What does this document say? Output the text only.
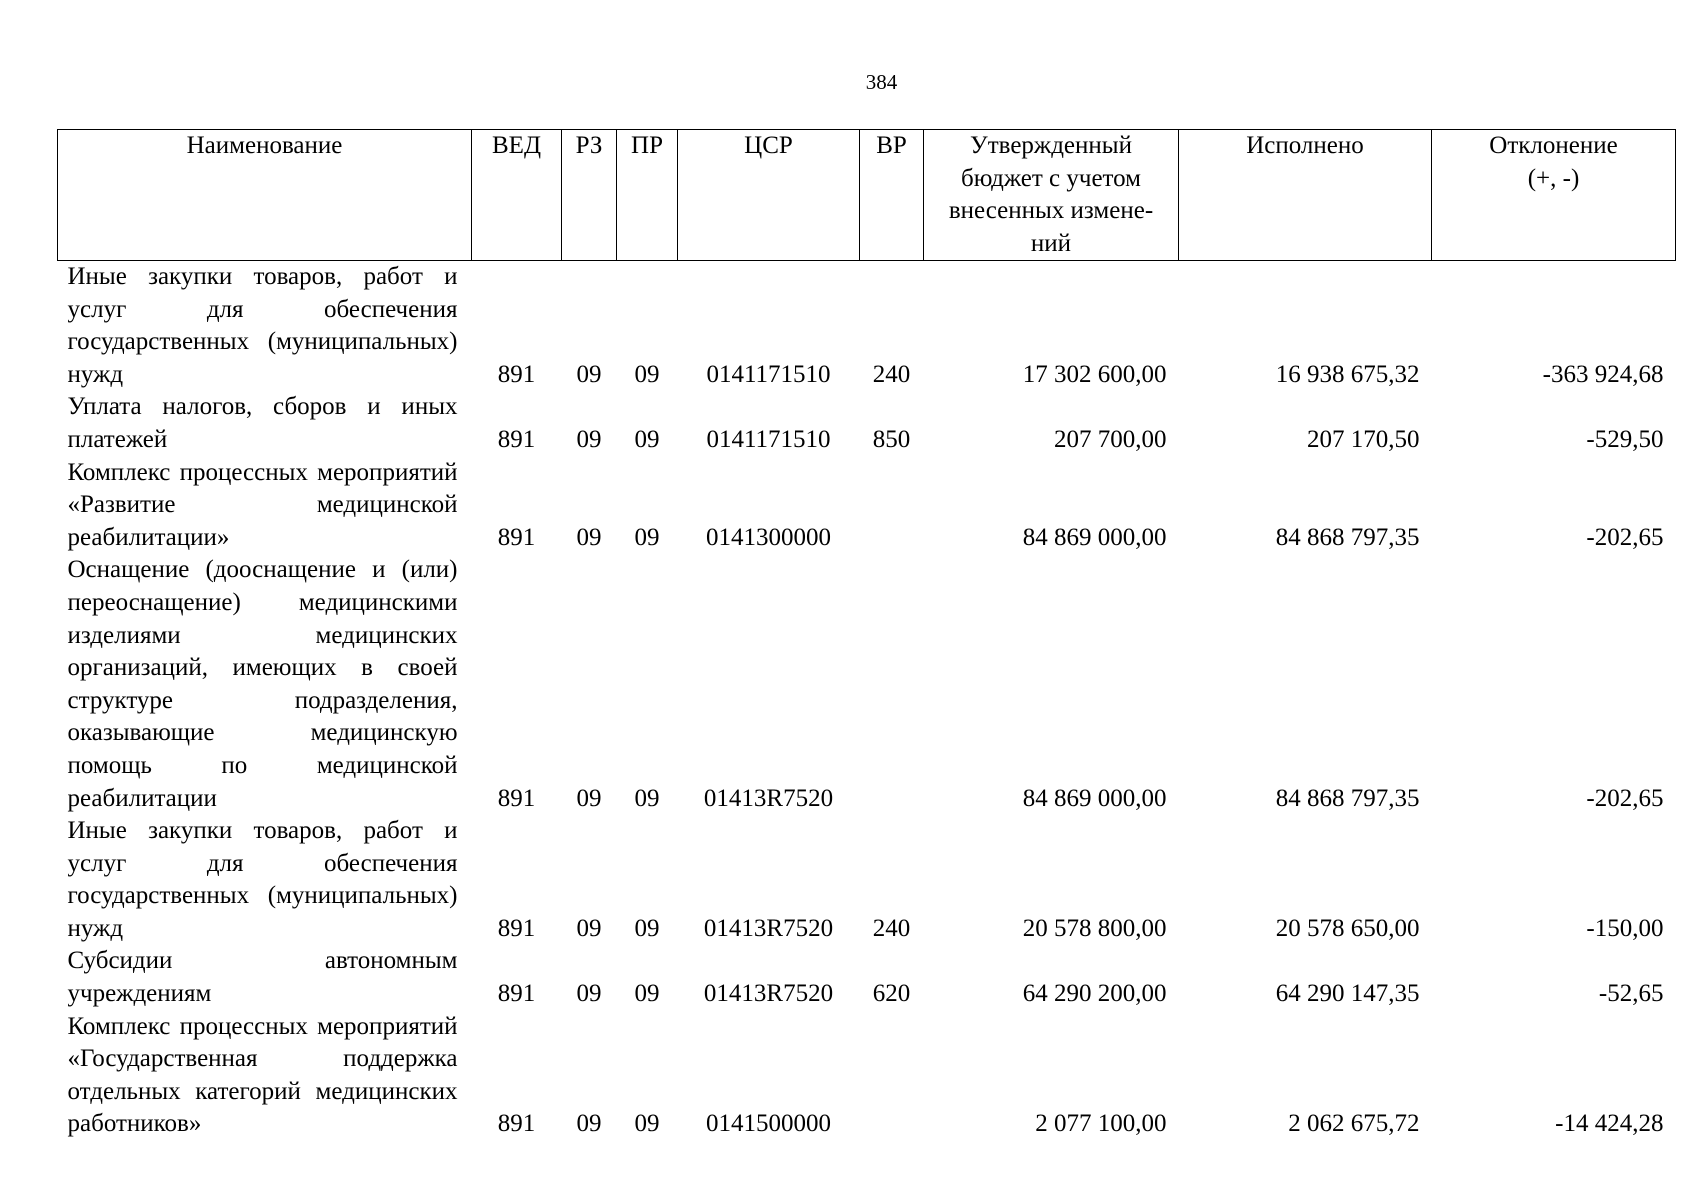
384
Наименование	ВЕД	РЗ	ПР	ЦСР	ВР	Утвержденный
бюджет с учетом
внесенных измене-
ний	Исполнено	Отклонение
(+, -)
Иные закупки товаров, работ и услуг для обеспечения государственных (муниципальных) нужд	891	09	09	0141171510	240	17 302 600,00	16 938 675,32	-363 924,68
Уплата налогов, сборов и иных платежей	891	09	09	0141171510	850	207 700,00	207 170,50	-529,50
Комплекс процессных мероприятий «Развитие медицинской реабилитации»	891	09	09	0141300000		84 869 000,00	84 868 797,35	-202,65
Оснащение (дооснащение и (или) переоснащение) медицинскими изделиями медицинских организаций, имеющих в своей структуре подразделения, оказывающие медицинскую помощь по медицинской реабилитации	891	09	09	01413R7520		84 869 000,00	84 868 797,35	-202,65
Иные закупки товаров, работ и услуг для обеспечения государственных (муниципальных) нужд	891	09	09	01413R7520	240	20 578 800,00	20 578 650,00	-150,00
Субсидии автономным учреждениям	891	09	09	01413R7520	620	64 290 200,00	64 290 147,35	-52,65
Комплекс процессных мероприятий «Государственная поддержка отдельных категорий медицинских работников»	891	09	09	0141500000		2 077 100,00	2 062 675,72	-14 424,28
